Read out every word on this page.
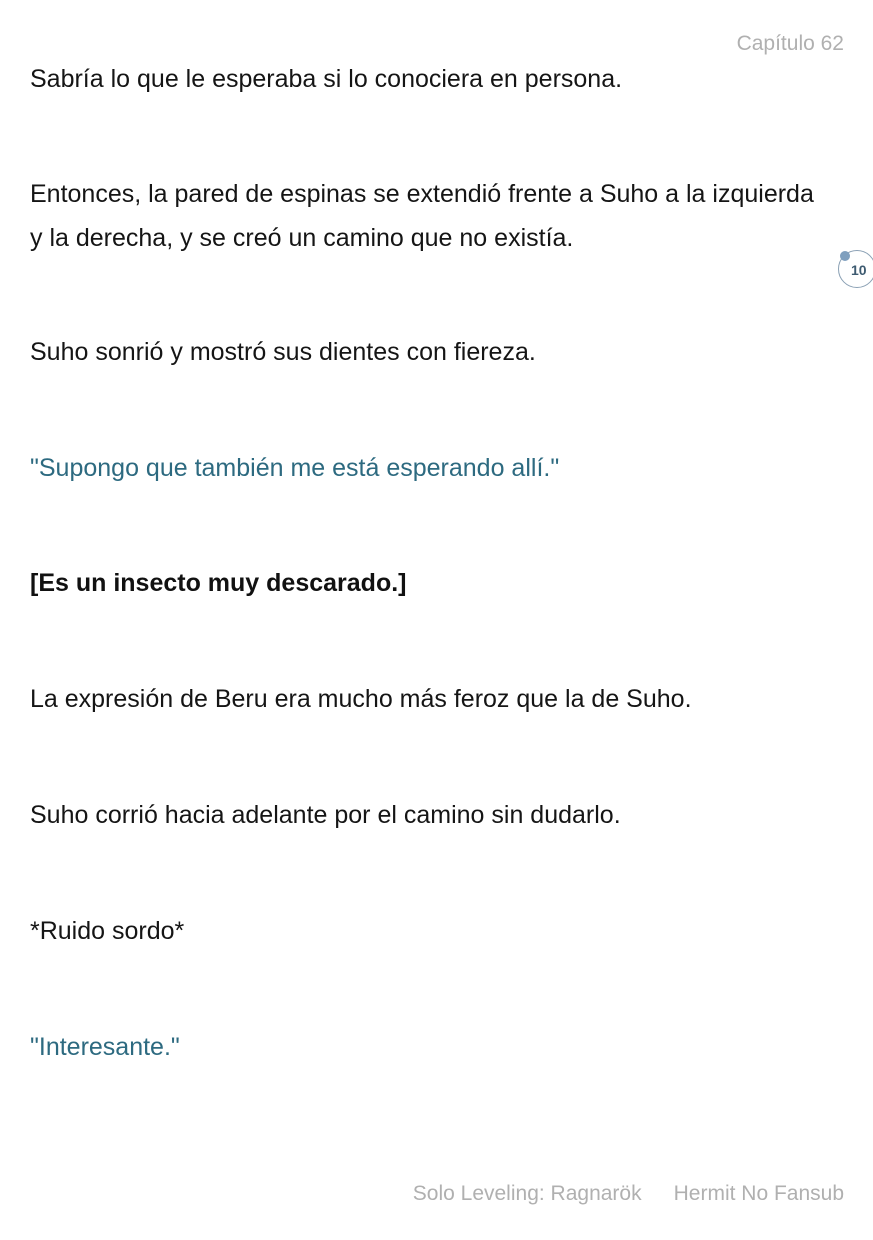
Capítulo 62

Sabría lo que le esperaba si lo conociera en persona.

Entonces, la pared de espinas se extendió frente a Suho a la izquierda y la derecha, y se creó un camino que no existía.

Suho sonrió y mostró sus dientes con fiereza.

"Supongo que también me está esperando allí."

[Es un insecto muy descarado.]

La expresión de Beru era mucho más feroz que la de Suho.

Suho corrió hacia adelante por el camino sin dudarlo.

*Ruido sordo*

"Interesante."

10
Solo Leveling: Ragnarök Hermit No Fansub
